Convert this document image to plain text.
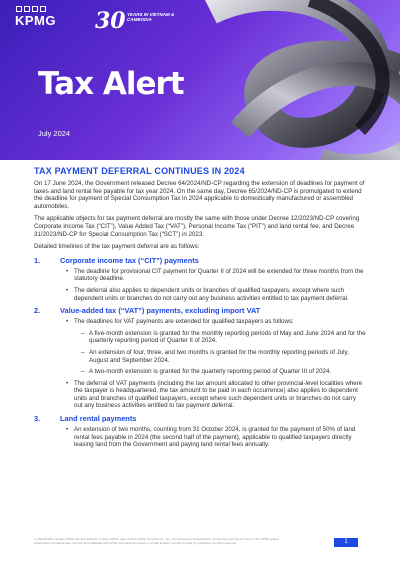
KPMG 30 YEARS IN VIETNAM & CAMBODIA
Tax Alert
July 2024
TAX PAYMENT DEFERRAL CONTINUES IN 2024

On 17 June 2024, the Government released Decree 64/2024/ND-CP regarding the extension of deadlines for payment of taxes and land rental fee payable for tax year 2024. On the same day, Decree 65/2024/ND-CP is promulgated to extend the deadline for payment of Special Consumption Tax in 2024 applicable to domestically manufactured or assembled automobiles.

The applicable objects for tax payment deferral are mostly the same with those under Decree 12/2023/ND-CP covering Corporate Income Tax (“CIT”), Value Added Tax (“VAT”), Personal Income Tax (“PIT”) and land rental fee, and Decree 31/2023/ND-CP for Special Consumption Tax (“SCT”) in 2023.

Detailed timelines of the tax payment deferral are as follows:

1.	Corporate income tax (“CIT”) payments
• The deadline for provisional CIT payment for Quarter II of 2024 will be extended for three months from the statutory deadline.
• The deferral also applies to dependent units or branches of qualified taxpayers, except where such dependent units or branches do not carry out any business activities entitled to tax payment deferral.
2.	Value-added tax (“VAT”) payments, excluding import VAT
• The deadlines for VAT payments are extended for qualified taxpayers as follows:
– A five-month extension is granted for the monthly reporting periods of May and June 2024 and for the quarterly reporting period of Quarter II of 2024.
– An extension of four, three, and two months is granted for the monthly reporting periods of July, August and September 2024.
– A two-month extension is granted for the quarterly reporting period of Quarter III of 2024.
• The deferral of VAT payments (including the tax amount allocated to other provincial-level localities where the taxpayer is headquartered, the tax amount to be paid in each occurrence) also applies to dependent units and branches of qualified taxpayers, except where such dependent units or branches do not carry out any business activities entitled to tax payment deferral.
3.	Land rental payments
• An extension of two months, counting from 31 October 2024, is granted for the payment of 50% of land rental fees payable in 2024 (the second half of the payment), applicable to qualified taxpayers directly leasing land from the Government and paying land rental fees annually.
© 2024 KPMG Limited, KPMG Tax and Advisory Limited, KPMG Law Limited, KPMG Services Co., Ltd., all Vietnamese limited liability companies and member firms of the KPMG global organization of independent member firms affiliated with KPMG International Limited, a private English company limited by guarantee. All rights reserved.	1
